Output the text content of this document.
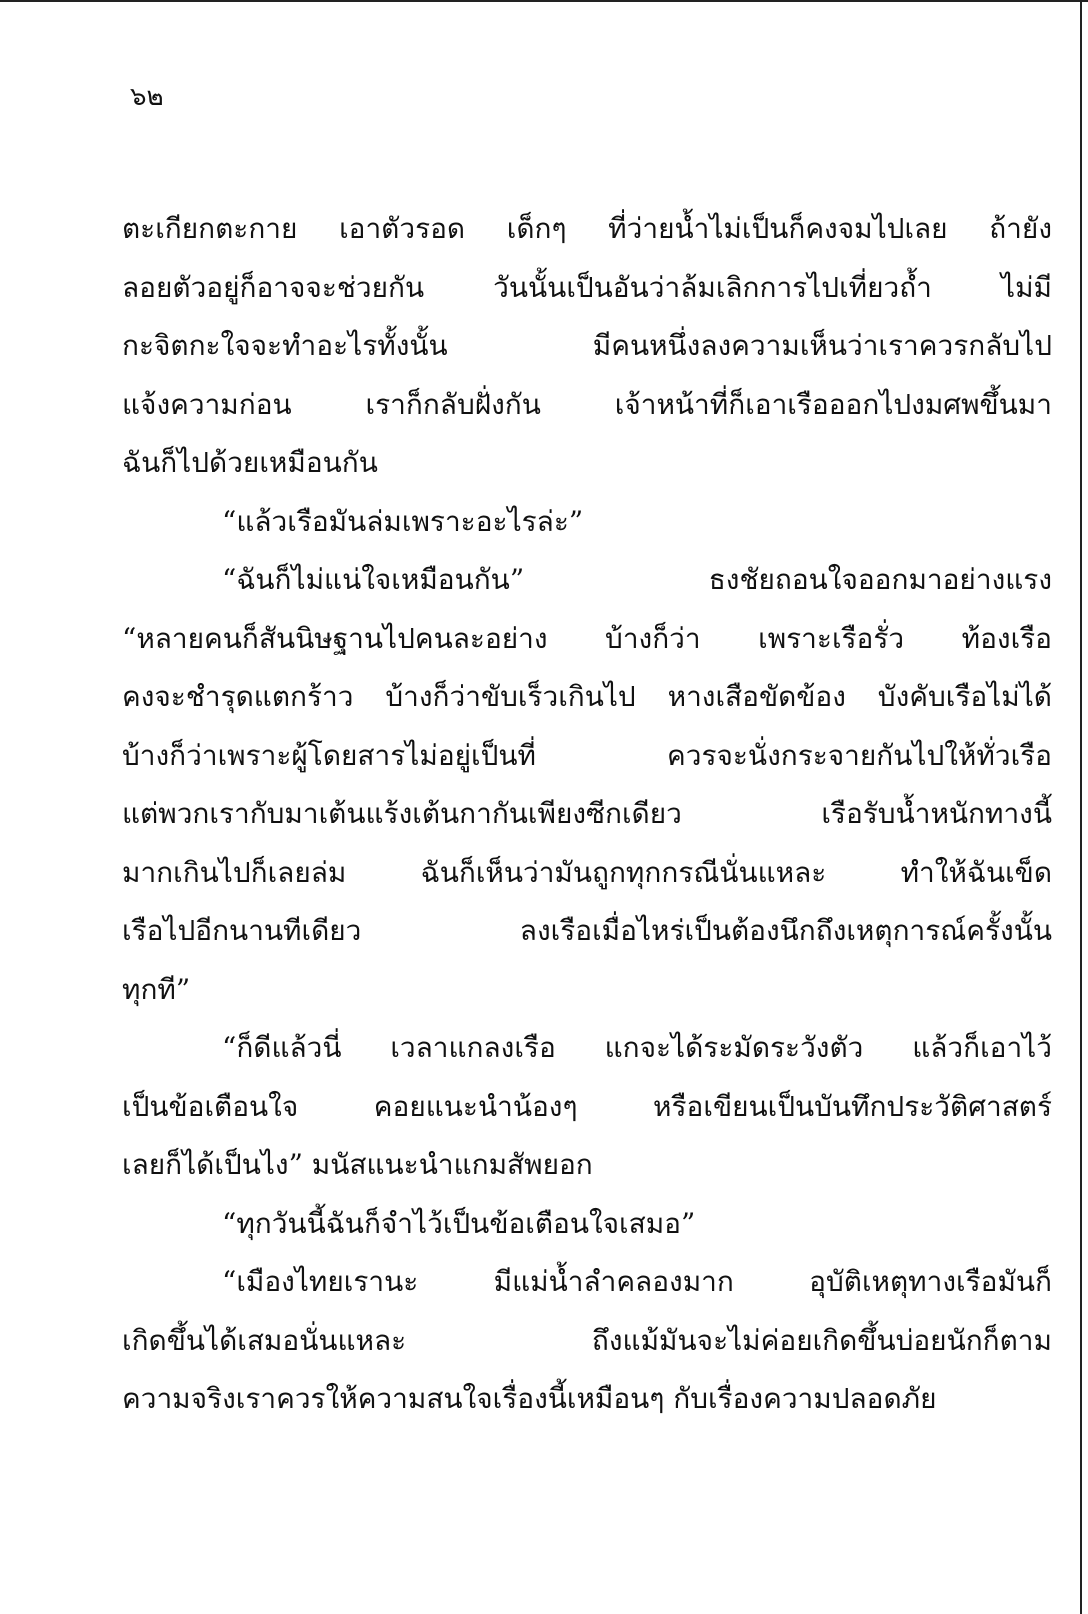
๖๒
ตะเกียกตะกาย เอาตัวรอด เด็กๆ ที่ว่ายน้ำไม่เป็นก็คงจมไปเลย ถ้ายัง
ลอยตัวอยู่ก็อาจจะช่วยกัน วันนั้นเป็นอันว่าล้มเลิกการไปเที่ยวถ้ำ ไม่มี
กะจิตกะใจจะทำอะไรทั้งนั้น มีคนหนึ่งลงความเห็นว่าเราควรกลับไป
แจ้งความก่อน เราก็กลับฝั่งกัน เจ้าหน้าที่ก็เอาเรือออกไปงมศพขึ้นมา
ฉันก็ไปด้วยเหมือนกัน
“แล้วเรือมันล่มเพราะอะไรล่ะ”
“ฉันก็ไม่แน่ใจเหมือนกัน” ธงชัยถอนใจออกมาอย่างแรง
“หลายคนก็สันนิษฐานไปคนละอย่าง บ้างก็ว่า เพราะเรือรั่ว ท้องเรือ
คงจะชำรุดแตกร้าว บ้างก็ว่าขับเร็วเกินไป หางเสือขัดข้อง บังคับเรือไม่ได้
บ้างก็ว่าเพราะผู้โดยสารไม่อยู่เป็นที่ ควรจะนั่งกระจายกันไปให้ทั่วเรือ
แต่พวกเรากับมาเต้นแร้งเต้นกากันเพียงซีกเดียว เรือรับน้ำหนักทางนี้
มากเกินไปก็เลยล่ม ฉันก็เห็นว่ามันถูกทุกกรณีนั่นแหละ ทำให้ฉันเข็ด
เรือไปอีกนานทีเดียว ลงเรือเมื่อไหร่เป็นต้องนึกถึงเหตุการณ์ครั้งนั้น
ทุกที”
“ก็ดีแล้วนี่ เวลาแกลงเรือ แกจะได้ระมัดระวังตัว แล้วก็เอาไว้
เป็นข้อเตือนใจ คอยแนะนำน้องๆ หรือเขียนเป็นบันทึกประวัติศาสตร์
เลยก็ได้เป็นไง” มนัสแนะนำแกมสัพยอก
“ทุกวันนี้ฉันก็จำไว้เป็นข้อเตือนใจเสมอ”
“เมืองไทยเรานะ มีแม่น้ำลำคลองมาก อุบัติเหตุทางเรือมันก็
เกิดขึ้นได้เสมอนั่นแหละ ถึงแม้มันจะไม่ค่อยเกิดขึ้นบ่อยนักก็ตาม
ความจริงเราควรให้ความสนใจเรื่องนี้เหมือนๆ กับเรื่องความปลอดภัย
